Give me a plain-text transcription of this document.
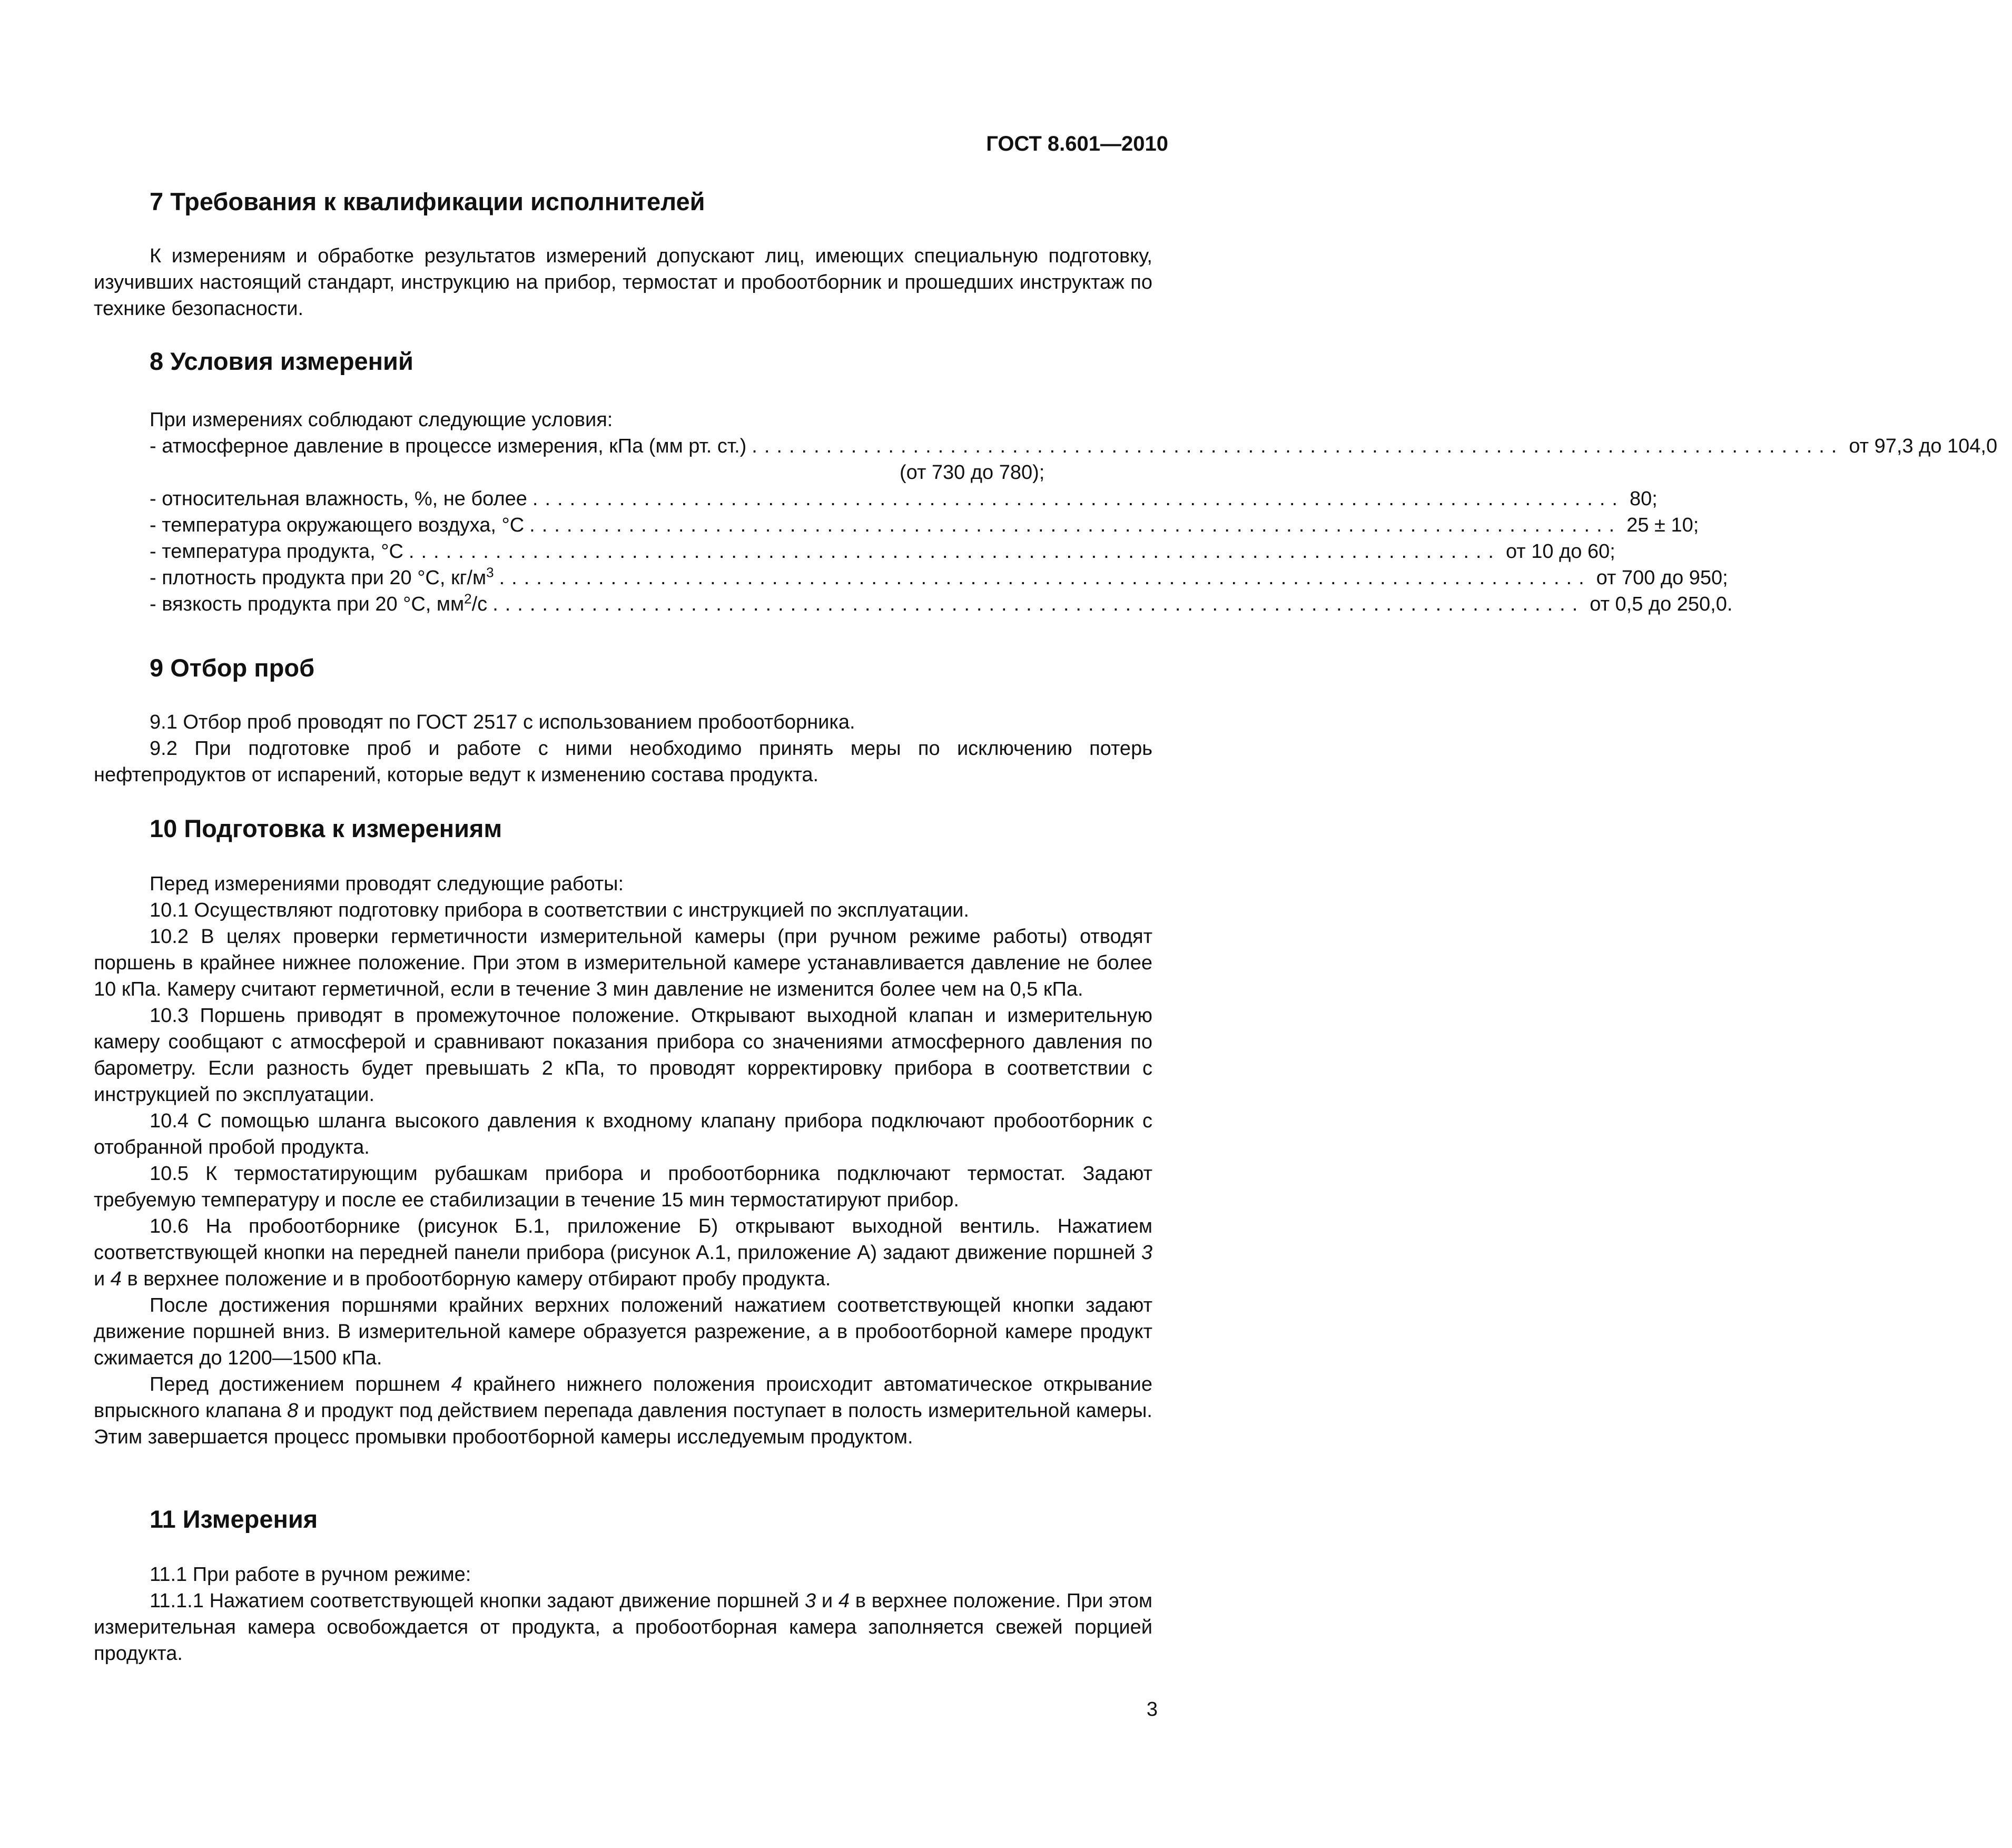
ГОСТ 8.601—2010
7 Требования к квалификации исполнителей

К измерениям и обработке результатов измерений допускают лиц, имеющих специальную подготовку, изучивших настоящий стандарт, инструкцию на прибор, термостат и пробоотборник и прошедших инструктаж по технике безопасности.

8 Условия измерений

При измерениях соблюдают следующие условия:

- атмосферное давление в процессе измерения, кПа (мм рт. ст.) ........................................................................................ от 97,3 до 104,0
(от 730 до 780);
- относительная влажность, %, не более ........................................................................................ 80;
- температура окружающего воздуха, °С ........................................................................................ 25 ± 10;
- температура продукта, °С ........................................................................................ от 10 до 60;
- плотность продукта при 20 °С, $кг/м^3$ ........................................................................................ от 700 до 950;
- вязкость продукта при 20 °С, $мм^2/с$ ........................................................................................ от 0,5 до 250,0.
9 Отбор проб

9.1 Отбор проб проводят по ГОСТ 2517 с использованием пробоотборника.

9.2 При подготовке проб и работе с ними необходимо принять меры по исключению потерь нефтепродуктов от испарений, которые ведут к изменению состава продукта.

10 Подготовка к измерениям

Перед измерениями проводят следующие работы:

10.1 Осуществляют подготовку прибора в соответствии с инструкцией по эксплуатации.

10.2 В целях проверки герметичности измерительной камеры (при ручном режиме работы) отводят поршень в крайнее нижнее положение. При этом в измерительной камере устанавливается давление не более 10 кПа. Камеру считают герметичной, если в течение 3 мин давление не изменится более чем на 0,5 кПа.

10.3 Поршень приводят в промежуточное положение. Открывают выходной клапан и измерительную камеру сообщают с атмосферой и сравнивают показания прибора со значениями атмосферного давления по барометру. Если разность будет превышать 2 кПа, то проводят корректировку прибора в соответствии с инструкцией по эксплуатации.

10.4 С помощью шланга высокого давления к входному клапану прибора подключают пробоотборник с отобранной пробой продукта.

10.5 К термостатирующим рубашкам прибора и пробоотборника подключают термостат. Задают требуемую температуру и после ее стабилизации в течение 15 мин термостатируют прибор.

10.6 На пробоотборнике (рисунок Б.1, приложение Б) открывают выходной вентиль. Нажатием соответствующей кнопки на передней панели прибора (рисунок А.1, приложение А) задают движение поршней 3 и 4 в верхнее положение и в пробоотборную камеру отбирают пробу продукта.

После достижения поршнями крайних верхних положений нажатием соответствующей кнопки задают движение поршней вниз. В измерительной камере образуется разрежение, а в пробоотборной камере продукт сжимается до 1200—1500 кПа.

Перед достижением поршнем 4 крайнего нижнего положения происходит автоматическое открывание впрыскного клапана 8 и продукт под действием перепада давления поступает в полость измерительной камеры. Этим завершается процесс промывки пробоотборной камеры исследуемым продуктом.

11 Измерения

11.1 При работе в ручном режиме:

11.1.1 Нажатием соответствующей кнопки задают движение поршней 3 и 4 в верхнее положение. При этом измерительная камера освобождается от продукта, а пробоотборная камера заполняется свежей порцией продукта.

3
